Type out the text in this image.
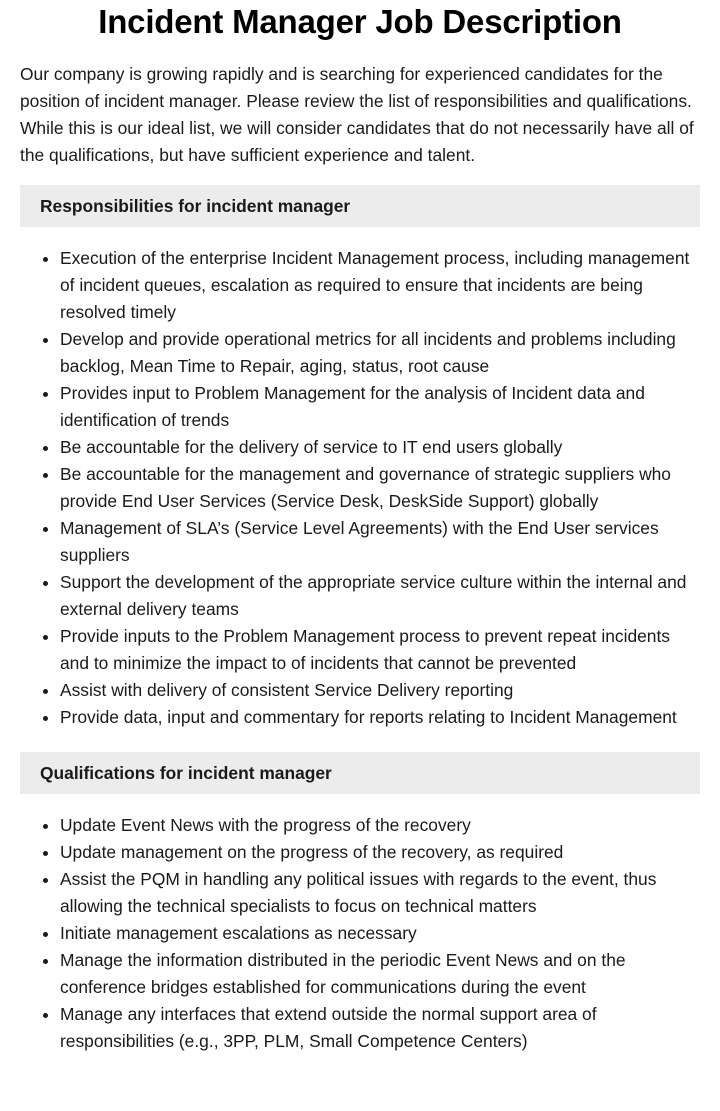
Incident Manager Job Description

Our company is growing rapidly and is searching for experienced candidates for the position of incident manager. Please review the list of responsibilities and qualifications. While this is our ideal list, we will consider candidates that do not necessarily have all of the qualifications, but have sufficient experience and talent.

Responsibilities for incident manager
• Execution of the enterprise Incident Management process, including management of incident queues, escalation as required to ensure that incidents are being resolved timely
• Develop and provide operational metrics for all incidents and problems including backlog, Mean Time to Repair, aging, status, root cause
• Provides input to Problem Management for the analysis of Incident data and identification of trends
• Be accountable for the delivery of service to IT end users globally
• Be accountable for the management and governance of strategic suppliers who provide End User Services (Service Desk, DeskSide Support) globally
• Management of SLA’s (Service Level Agreements) with the End User services suppliers
• Support the development of the appropriate service culture within the internal and external delivery teams
• Provide inputs to the Problem Management process to prevent repeat incidents and to minimize the impact to of incidents that cannot be prevented
• Assist with delivery of consistent Service Delivery reporting
• Provide data, input and commentary for reports relating to Incident Management
Qualifications for incident manager
• Update Event News with the progress of the recovery
• Update management on the progress of the recovery, as required
• Assist the PQM in handling any political issues with regards to the event, thus allowing the technical specialists to focus on technical matters
• Initiate management escalations as necessary
• Manage the information distributed in the periodic Event News and on the conference bridges established for communications during the event
• Manage any interfaces that extend outside the normal support area of responsibilities (e.g., 3PP, PLM, Small Competence Centers)
